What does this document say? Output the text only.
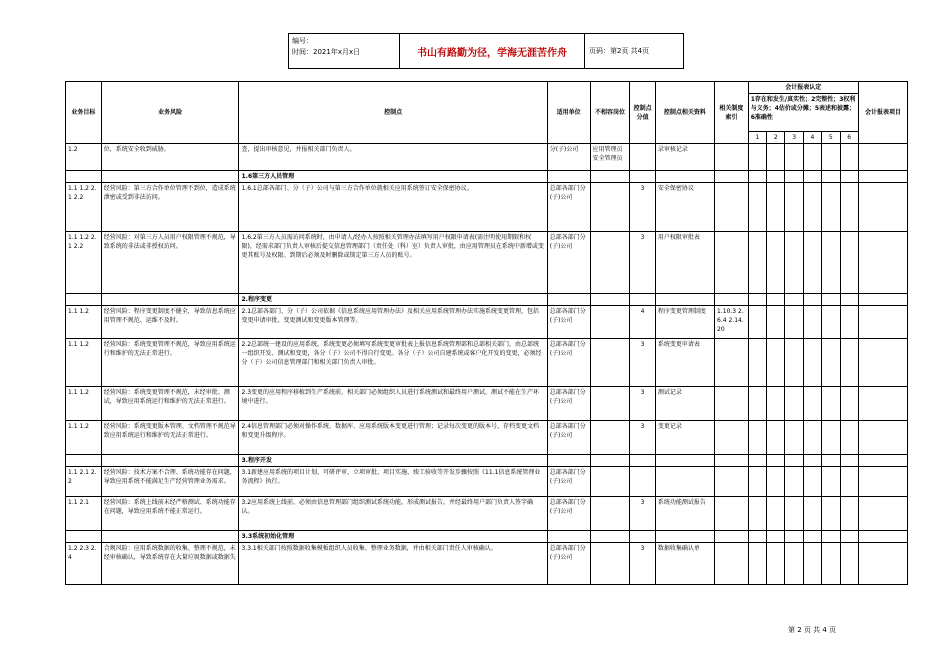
编号：
时间：2021年x月x日	书山有路勤为径，学海无涯苦作舟	页码：第2页 共4页
业务目标	业务风险	控制点	适用单位	不相容岗位	控制点分值	控制点相关资料	相关制度索引	会计报表认定						会计报表项目
								1存在和发生/真实性；2完整性；3权利与义务；4估价或分摊；5表述和披露；6准确性						
								1	2	3	4	5	6	
1.2	位，系统安全收到威胁。	查，提出审核意见，并报相关部门负责人。	分(子)公司	应用管理员 安全管理员		录审核记录								
		1.6第三方人员管理												
1.1 1.2 2.1 2.2	经营风险：第三方合作单位管理不到位，造成系统泄密或受到非法访问。	1.6.1总部各部门、分（子）公司与第三方合作单位就相关应用系统签订安全保密协议。	总部各部门分(子)公司		3	安全保密协议								
1.1 1.2 2.1 2.2	经营风险：对第三方人员用户权限管理不规范，导致系统的非法或非授权访问。	1.6.2第三方人员需访问系统时，由申请人/经办人按照相关管理办法填写用户权限申请表(需注明使用期限和权限)，经需求部门负责人审核后提交信息管理部门（责任处（科）室）负责人审批，由应用管理员在系统中新增或变更其账号及权限。到期后必须及时删除或锁定第三方人员的账号。	总部各部门分(子)公司		3	用户权限审批表								
		2.程序变更												
1.1 1.2	经营风险：程序变更制度不健全，导致信息系统应用管理不规范、运维不及时。	2.1总部各部门、分（子）公司依据《信息系统应用管理办法》及相关应用系统管理办法实施系统变更管理，包括变更申请审批、变更测试和变更版本管理等。	总部各部门分(子)公司		4	程序变更管理制度	1.10.3 2.6.4 2.14.20							
1.1 1.2	经营风险：系统变更管理不规范，导致应用系统运行和维护的无法正常进行。	2.2总部统一建设的应用系统，系统变更必须填写系统变更审批表上报信息系统管理部和总部相关部门，由总部统一组织开发、测试和变更，各分（子）公司不得自行变更。各分（子）公司自建系统或客户化开发的变更，必须经分（子）公司信息管理部门和相关部门负责人审批。	总部各部门分(子)公司		3	系统变更申请表								
1.1 1.2	经营风险：系统变更管理不规范，未经审批、测试，导致应用系统运行和维护的无法正常进行。	2.3变更的应用程序移植到生产系统前，相关部门必须组织人员进行系统测试和最终用户测试，测试不能在生产环境中进行。	总部各部门分(子)公司		3	测试记录								
1.1 1.2	经营风险：系统变更版本管理、文档管理不规范导致应用系统运行和维护的无法正常进行。	2.4信息管理部门必须对操作系统、数据库、应用系统版本变更进行管理；记录每次变更的版本号，存档变更文档和变更升级程序。	总部各部门分(子)公司		3	变更记录								
		3.程序开发												
1.1 2.1 2.2	经营风险：技术方案不合理、系统功能存在问题，导致应用系统不能满足生产经营管理业务需求。	3.1新建应用系统的项目计划、可研评审、立项审批、项目实施、竣工验收等开发步骤按照《11.1信息系统管理业务流程》执行。	总部各部门分(子)公司											
1.1 2.1	经营风险：系统上线前未经严格测试、系统功能存在问题，导致应用系统不能正常运行。	3.2应用系统上线前，必须由信息管理部门组织测试系统功能，形成测试报告，并经最终用户部门负责人签字确认。	总部各部门分(子)公司		3	系统功能测试报告								
		3.3系统初始化管理												
1.2 2.3 2.4	合规风险：应用系统数据的收集、整理不规范，未经审核确认，导致系统存在大量垃圾数据或数据失	3.3.1相关部门按照数据收集模板组织人员收集、整理业务数据，并由相关部门责任人审核确认。	总部各部门分(子)公司		3	数据收集确认单								
第 2 页 共 4 页
